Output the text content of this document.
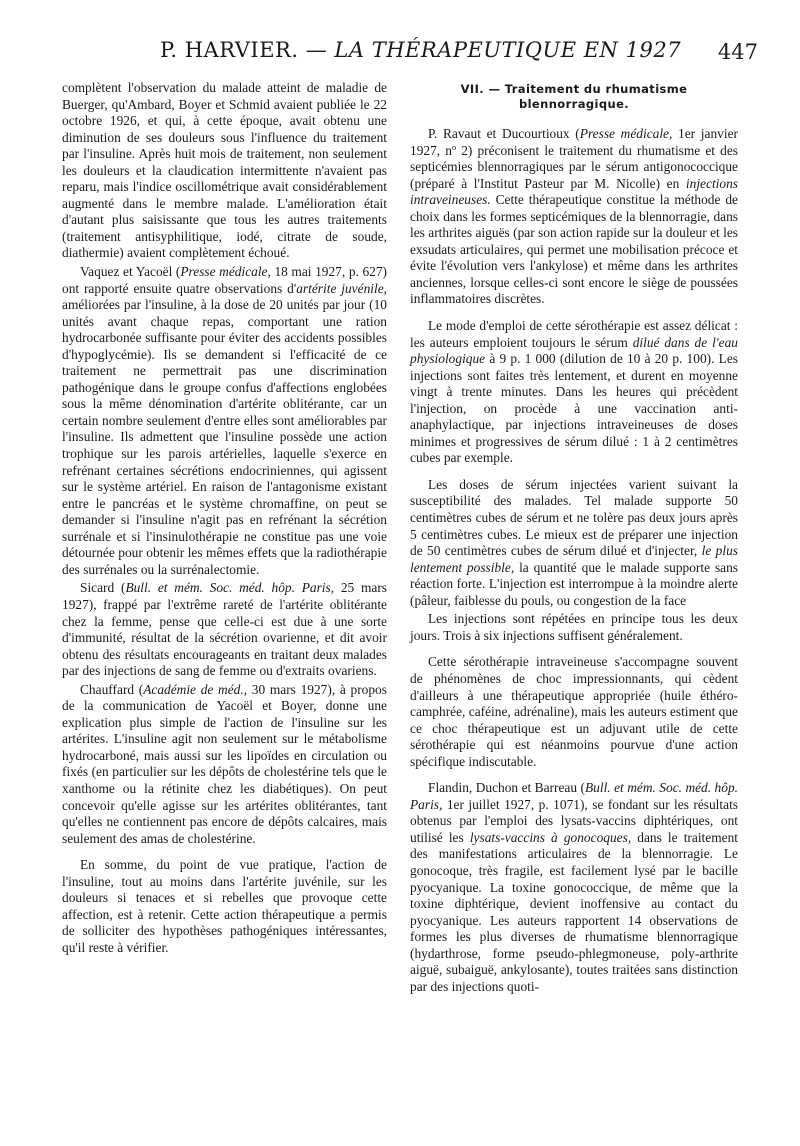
P. HARVIER. — LA THÉRAPEUTIQUE EN 1927 447

complètent l'observation du malade atteint de maladie de Buerger, qu'Ambard, Boyer et Schmid avaient publiée le 22 octobre 1926, et qui, à cette époque, avait obtenu une diminution de ses douleurs sous l'influence du traitement par l'insuline. Après huit mois de traitement, non seulement les douleurs et la claudication intermittente n'avaient pas reparu, mais l'indice oscillométrique avait considérablement augmenté dans le membre malade. L'amélioration était d'autant plus saisissante que tous les autres traitements (traitement antisyphilitique, iodé, citrate de soude, diathermie) avaient complètement échoué.

Vaquez et Yacoël (Presse médicale, 18 mai 1927, p. 627) ont rapporté ensuite quatre observations d'artérite juvénile, améliorées par l'insuline, à la dose de 20 unités par jour (10 unités avant chaque repas, comportant une ration hydrocarbonée suffisante pour éviter des accidents possibles d'hypoglycémie). Ils se demandent si l'efficacité de ce traitement ne permettrait pas une discrimination pathogénique dans le groupe confus d'affections englobées sous la même dénomination d'artérite oblitérante, car un certain nombre seulement d'entre elles sont améliorables par l'insuline. Ils admettent que l'insuline possède une action trophique sur les parois artérielles, laquelle s'exerce en refrénant certaines sécrétions endocriniennes, qui agissent sur le système artériel. En raison de l'antagonisme existant entre le pancréas et le système chromaffine, on peut se demander si l'insuline n'agit pas en refrénant la sécrétion surrénale et si l'insinulothérapie ne constitue pas une voie détournée pour obtenir les mêmes effets que la radiothérapie des surrénales ou la surrénalectomie.

Sicard (Bull. et mém. Soc. méd. hôp. Paris, 25 mars 1927), frappé par l'extrême rareté de l'artérite oblitérante chez la femme, pense que celle-ci est due à une sorte d'immunité, résultat de la sécrétion ovarienne, et dit avoir obtenu des résultats encourageants en traitant deux malades par des injections de sang de femme ou d'extraits ovariens.

Chauffard (Académie de méd., 30 mars 1927), à propos de la communication de Yacoël et Boyer, donne une explication plus simple de l'action de l'insuline sur les artérites. L'insuline agit non seulement sur le métabolisme hydrocarboné, mais aussi sur les lipoïdes en circulation ou fixés (en particulier sur les dépôts de cholestérine tels que le xanthome ou la rétinite chez les diabétiques). On peut concevoir qu'elle agisse sur les artérites oblitérantes, tant qu'elles ne contiennent pas encore de dépôts calcaires, mais seulement des amas de cholestérine.

En somme, du point de vue pratique, l'action de l'insuline, tout au moins dans l'artérite juvénile, sur les douleurs si tenaces et si rebelles que provoque cette affection, est à retenir. Cette action thérapeutique a permis de solliciter des hypothèses pathogéniques intéressantes, qu'il reste à vérifier.

VII. — Traitement du rhumatisme blennorragique.

P. Ravaut et Ducourtioux (Presse médicale, 1er janvier 1927, nº 2) préconisent le traitement du rhumatisme et des septicémies blennorragiques par le sérum antigonococcique (préparé à l'Institut Pasteur par M. Nicolle) en injections intraveineuses. Cette thérapeutique constitue la méthode de choix dans les formes septicémiques de la blennorragie, dans les arthrites aiguës (par son action rapide sur la douleur et les exsudats articulaires, qui permet une mobilisation précoce et évite l'évolution vers l'ankylose) et même dans les arthrites anciennes, lorsque celles-ci sont encore le siège de poussées inflammatoires discrètes.

Le mode d'emploi de cette sérothérapie est assez délicat : les auteurs emploient toujours le sérum dilué dans de l'eau physiologique à 9 p. 1 000 (dilution de 10 à 20 p. 100). Les injections sont faites très lentement, et durent en moyenne vingt à trente minutes. Dans les heures qui précèdent l'injection, on procède à une vaccination anti-anaphylactique, par injections intraveineuses de doses minimes et progressives de sérum dilué : 1 à 2 centimètres cubes par exemple.

Les doses de sérum injectées varient suivant la susceptibilité des malades. Tel malade supporte 50 centimètres cubes de sérum et ne tolère pas deux jours après 5 centimètres cubes. Le mieux est de préparer une injection de 50 centimètres cubes de sérum dilué et d'injecter, le plus lentement possible, la quantité que le malade supporte sans réaction forte. L'injection est interrompue à la moindre alerte (pâleur, faiblesse du pouls, ou congestion de la face

Les injections sont répétées en principe tous les deux jours. Trois à six injections suffisent généralement.

Cette sérothérapie intraveineuse s'accompagne souvent de phénomènes de choc impressionnants, qui cèdent d'ailleurs à une thérapeutique appropriée (huile éthéro-camphrée, caféine, adrénaline), mais les auteurs estiment que ce choc thérapeutique est un adjuvant utile de cette sérothérapie qui est néanmoins pourvue d'une action spécifique indiscutable.

Flandin, Duchon et Barreau (Bull. et mém. Soc. méd. hôp. Paris, 1er juillet 1927, p. 1071), se fondant sur les résultats obtenus par l'emploi des lysats-vaccins diphtériques, ont utilisé les lysats-vaccins à gonocoques, dans le traitement des manifestations articulaires de la blennorragie. Le gonocoque, très fragile, est facilement lysé par le bacille pyocyanique. La toxine gonococcique, de même que la toxine diphtérique, devient inoffensive au contact du pyocyanique. Les auteurs rapportent 14 observations de formes les plus diverses de rhumatisme blennorragique (hydarthrose, forme pseudo-phlegmoneuse, poly-arthrite aiguë, subaiguë, ankylosante), toutes traitées sans distinction par des injections quoti-
